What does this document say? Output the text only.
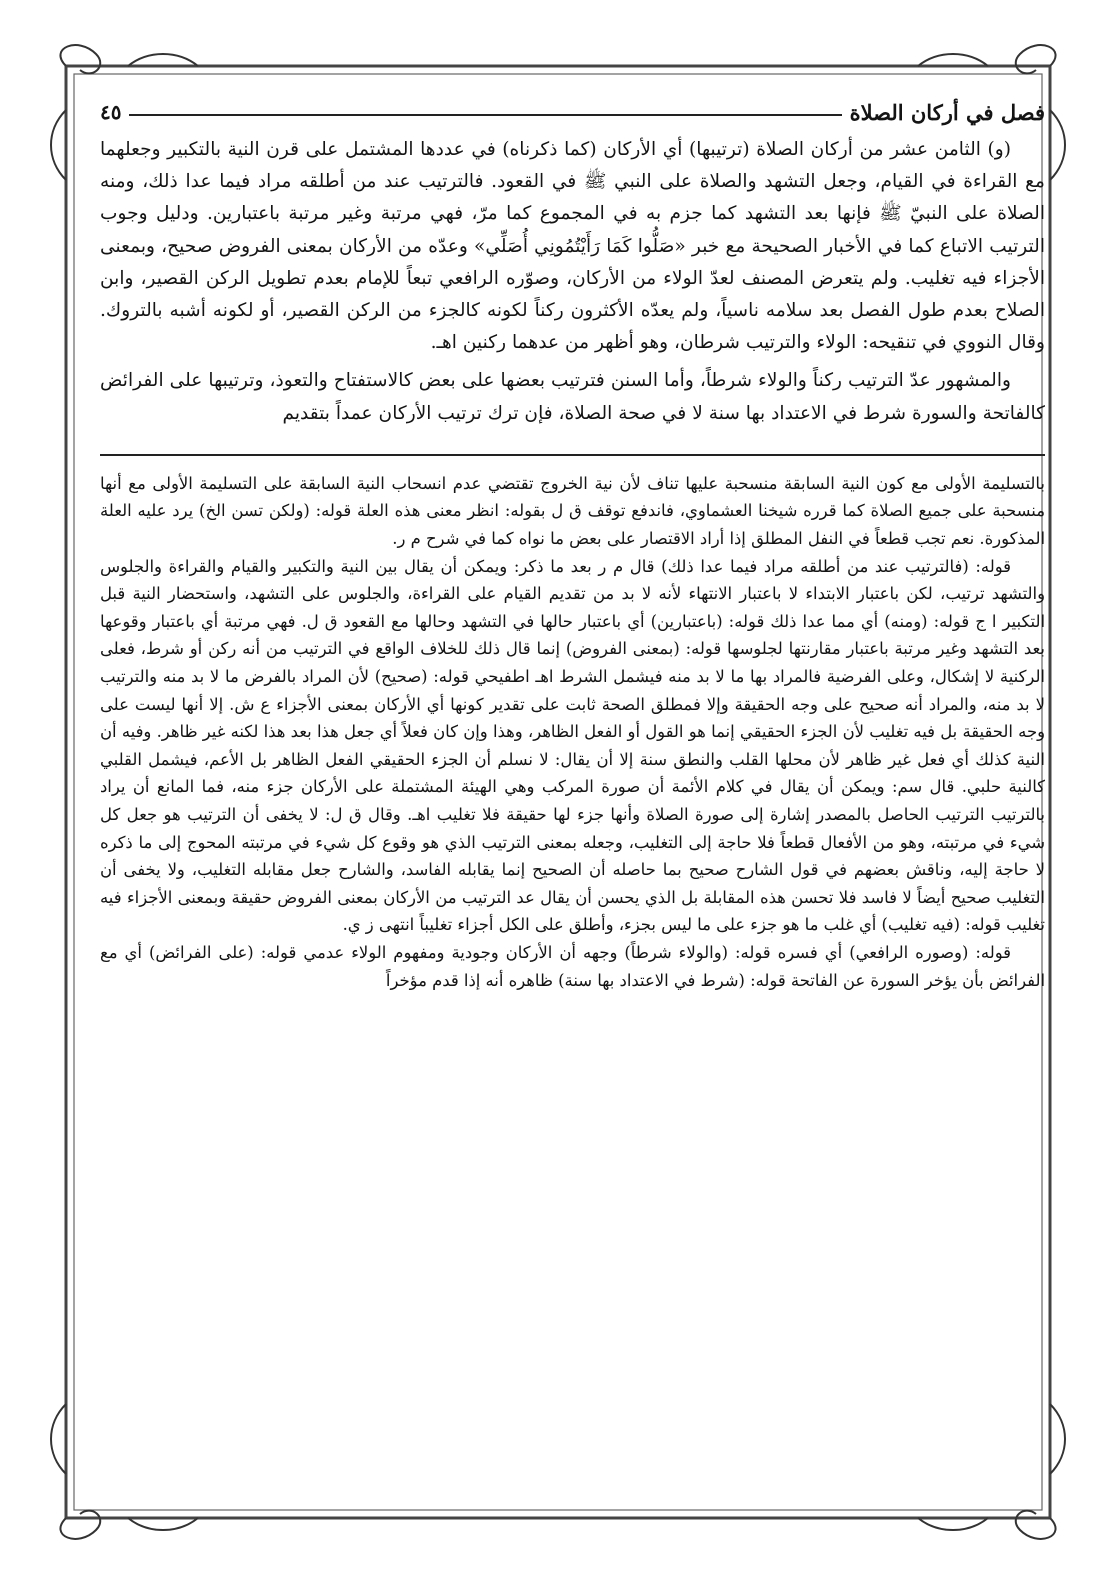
فصل في أركان الصلاة
٤٥

(و) الثامن عشر من أركان الصلاة (ترتيبها) أي الأركان (كما ذكرناه) في عددها المشتمل على قرن النية بالتكبير وجعلهما مع القراءة في القيام، وجعل التشهد والصلاة على النبي ﷺ في القعود. فالترتيب عند من أطلقه مراد فيما عدا ذلك، ومنه الصلاة على النبيّ ﷺ فإنها بعد التشهد كما جزم به في المجموع كما مرّ، فهي مرتبة وغير مرتبة باعتبارين. ودليل وجوب الترتيب الاتباع كما في الأخبار الصحيحة مع خبر «صَلُّوا كَمَا رَأَيْتُمُونِي أُصَلِّي» وعدّه من الأركان بمعنى الفروض صحيح، وبمعنى الأجزاء فيه تغليب. ولم يتعرض المصنف لعدّ الولاء من الأركان، وصوّره الرافعي تبعاً للإمام بعدم تطويل الركن القصير، وابن الصلاح بعدم طول الفصل بعد سلامه ناسياً، ولم يعدّه الأكثرون ركناً لكونه كالجزء من الركن القصير، أو لكونه أشبه بالتروك. وقال النووي في تنقيحه: الولاء والترتيب شرطان، وهو أظهر من عدهما ركنين اهـ.

والمشهور عدّ الترتيب ركناً والولاء شرطاً، وأما السنن فترتيب بعضها على بعض كالاستفتاح والتعوذ، وترتيبها على الفرائض كالفاتحة والسورة شرط في الاعتداد بها سنة لا في صحة الصلاة، فإن ترك ترتيب الأركان عمداً بتقديم

بالتسليمة الأولى مع كون النية السابقة منسحبة عليها تناف لأن نية الخروج تقتضي عدم انسحاب النية السابقة على التسليمة الأولى مع أنها منسحبة على جميع الصلاة كما قرره شيخنا العشماوي، فاندفع توقف ق ل بقوله: انظر معنى هذه العلة قوله: (ولكن تسن الخ) يرد عليه العلة المذكورة. نعم تجب قطعاً في النفل المطلق إذا أراد الاقتصار على بعض ما نواه كما في شرح م ر.

قوله: (فالترتيب عند من أطلقه مراد فيما عدا ذلك) قال م ر بعد ما ذكر: ويمكن أن يقال بين النية والتكبير والقيام والقراءة والجلوس والتشهد ترتيب، لكن باعتبار الابتداء لا باعتبار الانتهاء لأنه لا بد من تقديم القيام على القراءة، والجلوس على التشهد، واستحضار النية قبل التكبير ا ج قوله: (ومنه) أي مما عدا ذلك قوله: (باعتبارين) أي باعتبار حالها في التشهد وحالها مع القعود ق ل. فهي مرتبة أي باعتبار وقوعها بعد التشهد وغير مرتبة باعتبار مقارنتها لجلوسها قوله: (بمعنى الفروض) إنما قال ذلك للخلاف الواقع في الترتيب من أنه ركن أو شرط، فعلى الركنية لا إشكال، وعلى الفرضية فالمراد بها ما لا بد منه فيشمل الشرط اهـ اطفيحي قوله: (صحيح) لأن المراد بالفرض ما لا بد منه والترتيب لا بد منه، والمراد أنه صحيح على وجه الحقيقة وإلا فمطلق الصحة ثابت على تقدير كونها أي الأركان بمعنى الأجزاء ع ش. إلا أنها ليست على وجه الحقيقة بل فيه تغليب لأن الجزء الحقيقي إنما هو القول أو الفعل الظاهر، وهذا وإن كان فعلاً أي جعل هذا بعد هذا لكنه غير ظاهر. وفيه أن النية كذلك أي فعل غير ظاهر لأن محلها القلب والنطق سنة إلا أن يقال: لا نسلم أن الجزء الحقيقي الفعل الظاهر بل الأعم، فيشمل القلبي كالنية حلبي. قال سم: ويمكن أن يقال في كلام الأئمة أن صورة المركب وهي الهيئة المشتملة على الأركان جزء منه، فما المانع أن يراد بالترتيب الترتيب الحاصل بالمصدر إشارة إلى صورة الصلاة وأنها جزء لها حقيقة فلا تغليب اهـ. وقال ق ل: لا يخفى أن الترتيب هو جعل كل شيء في مرتبته، وهو من الأفعال قطعاً فلا حاجة إلى التغليب، وجعله بمعنى الترتيب الذي هو وقوع كل شيء في مرتبته المحوج إلى ما ذكره لا حاجة إليه، وناقش بعضهم في قول الشارح صحيح بما حاصله أن الصحيح إنما يقابله الفاسد، والشارح جعل مقابله التغليب، ولا يخفى أن التغليب صحيح أيضاً لا فاسد فلا تحسن هذه المقابلة بل الذي يحسن أن يقال عد الترتيب من الأركان بمعنى الفروض حقيقة وبمعنى الأجزاء فيه تغليب قوله: (فيه تغليب) أي غلب ما هو جزء على ما ليس بجزء، وأطلق على الكل أجزاء تغليباً انتهى ز ي.

قوله: (وصوره الرافعي) أي فسره قوله: (والولاء شرطاً) وجهه أن الأركان وجودية ومفهوم الولاء عدمي قوله: (على الفرائض) أي مع الفرائض بأن يؤخر السورة عن الفاتحة قوله: (شرط في الاعتداد بها سنة) ظاهره أنه إذا قدم مؤخراً
